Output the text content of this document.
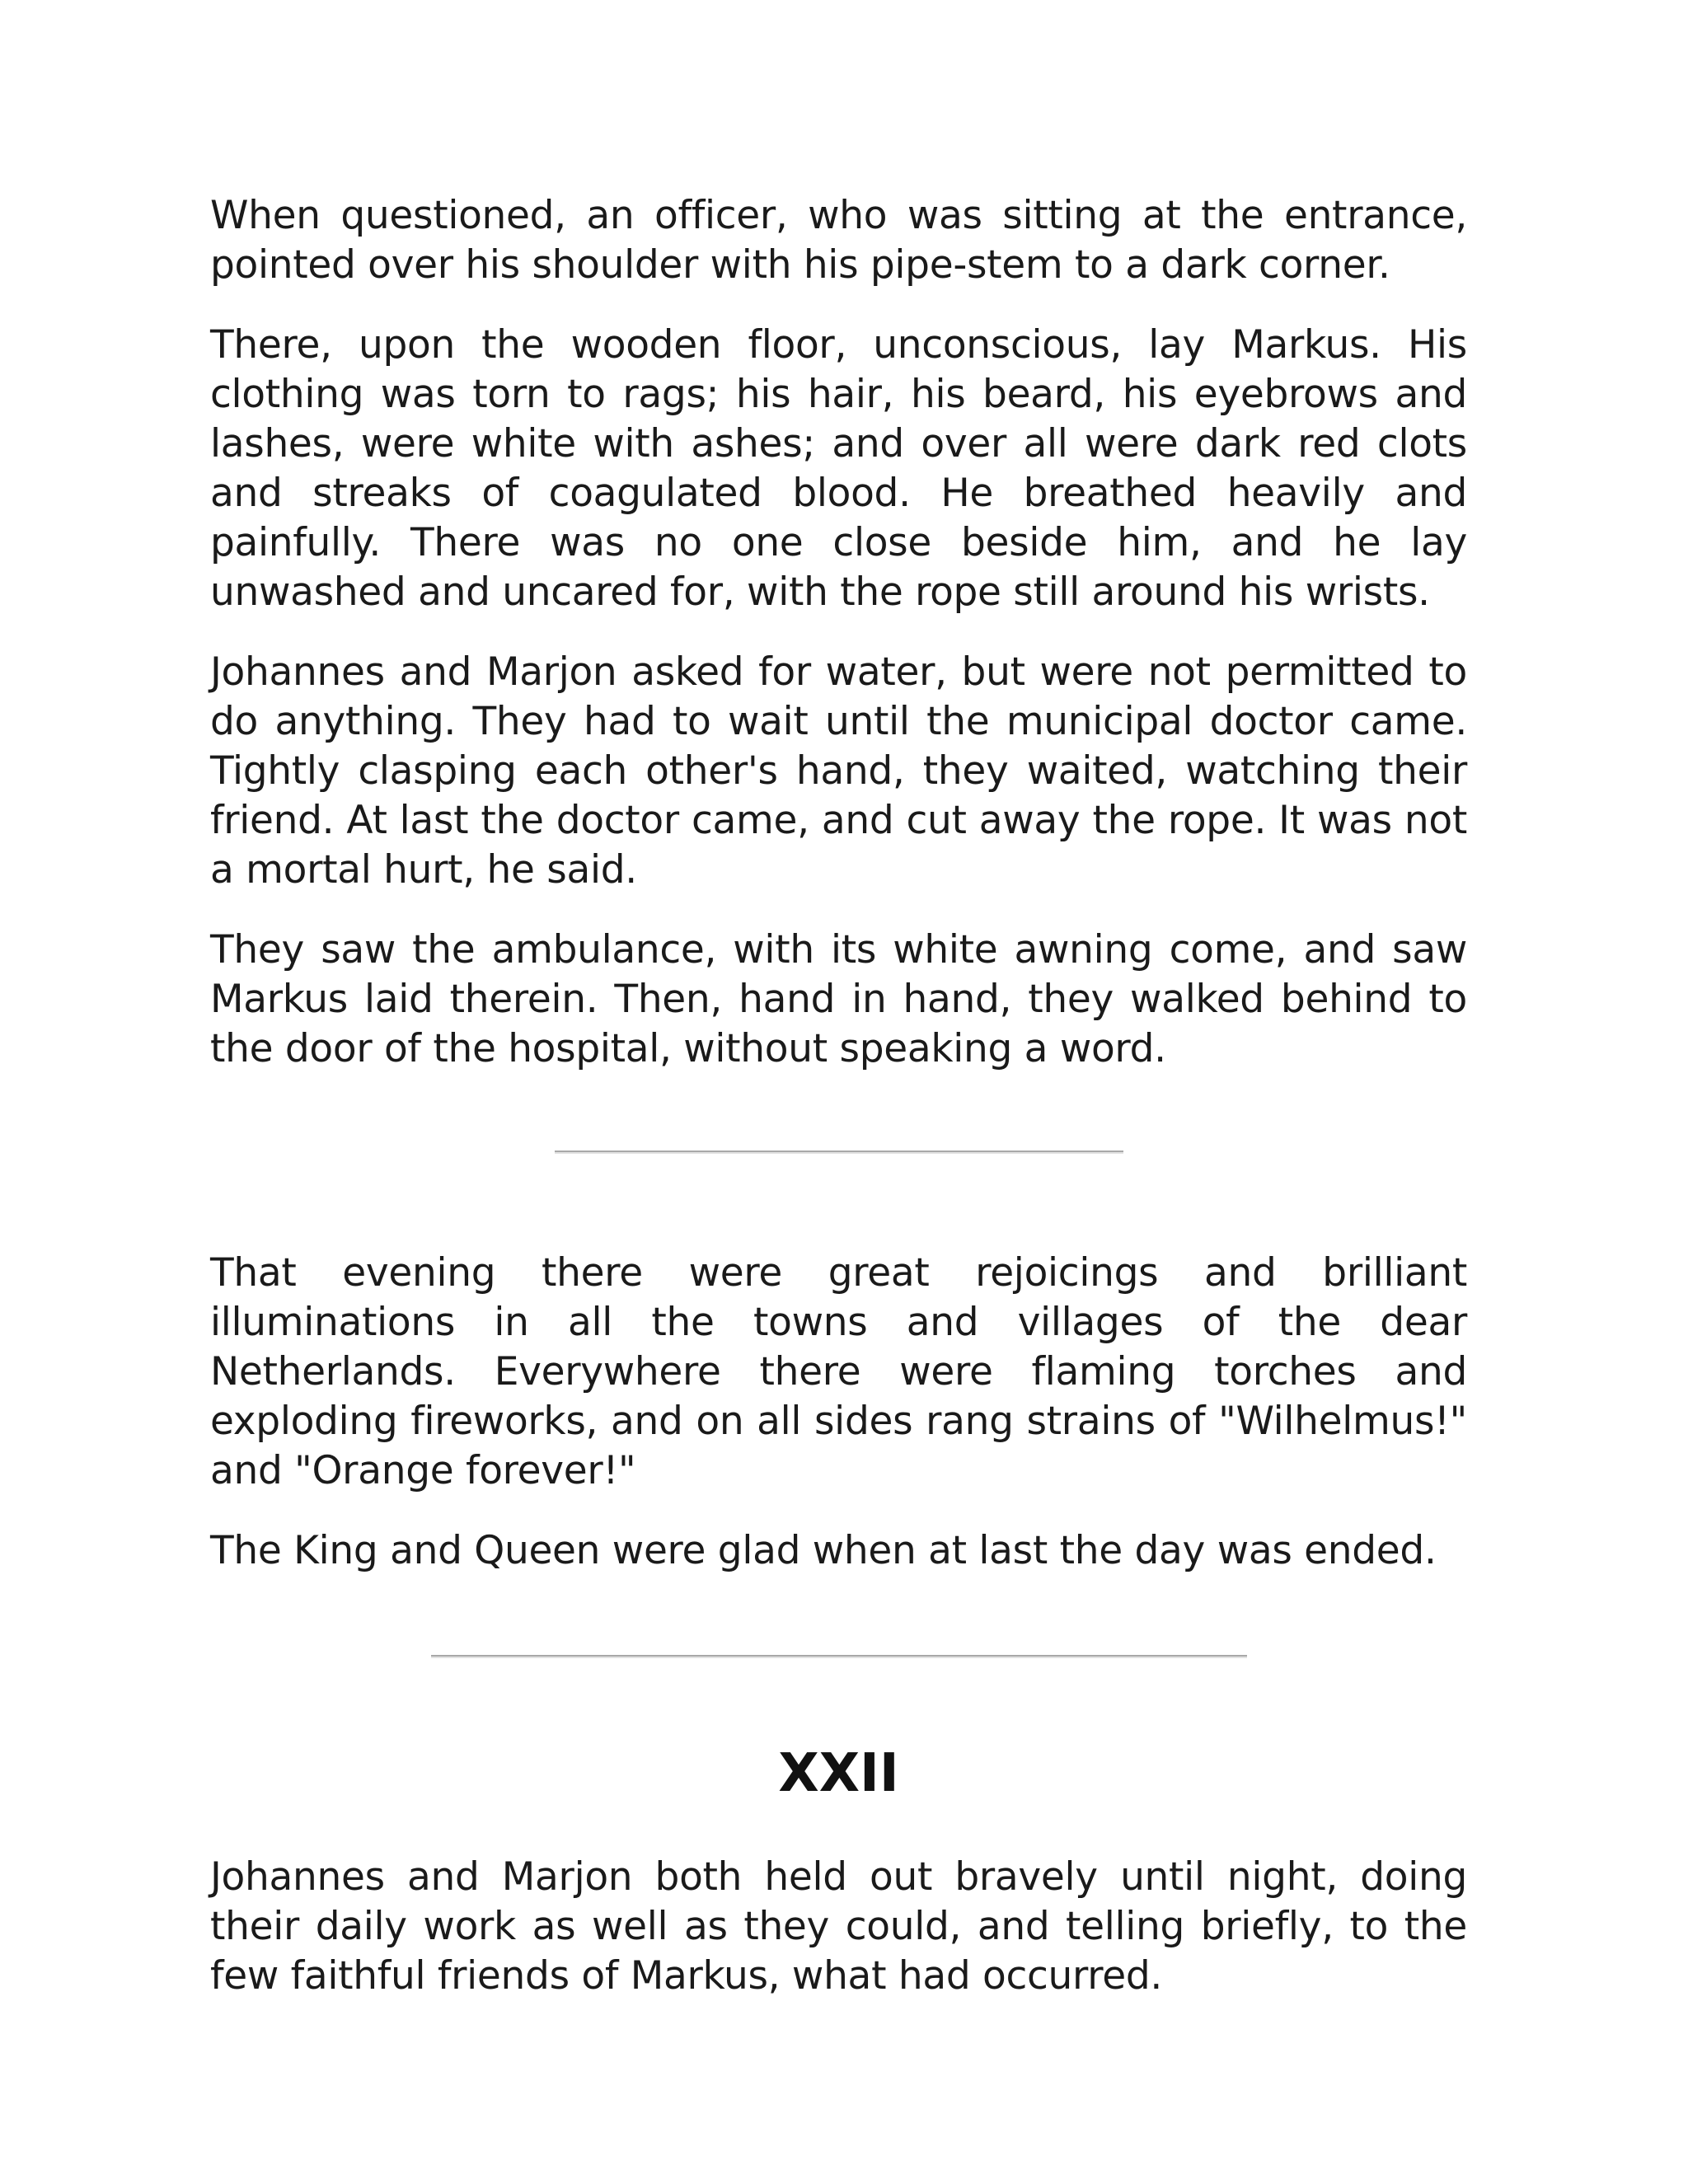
When questioned, an officer, who was sitting at the entrance, pointed over his shoulder with his pipe-stem to a dark corner.

There, upon the wooden floor, unconscious, lay Markus. His clothing was torn to rags; his hair, his beard, his eyebrows and lashes, were white with ashes; and over all were dark red clots and streaks of coagulated blood. He breathed heavily and painfully. There was no one close beside him, and he lay unwashed and uncared for, with the rope still around his wrists.

Johannes and Marjon asked for water, but were not permitted to do anything. They had to wait until the municipal doctor came. Tightly clasping each other's hand, they waited, watching their friend. At last the doctor came, and cut away the rope. It was not a mortal hurt, he said.

They saw the ambulance, with its white awning come, and saw Markus laid therein. Then, hand in hand, they walked behind to the door of the hospital, without speaking a word.

That evening there were great rejoicings and brilliant illuminations in all the towns and villages of the dear Netherlands. Everywhere there were flaming torches and exploding fireworks, and on all sides rang strains of "Wilhelmus!" and "Orange forever!"

The King and Queen were glad when at last the day was ended.

XXII

Johannes and Marjon both held out bravely until night, doing their daily work as well as they could, and telling briefly, to the few faithful friends of Markus, what had occurred.
